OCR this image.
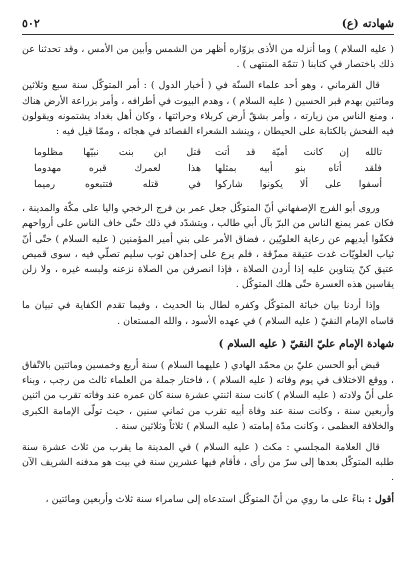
شهادته (ع)
٥٠٢

( عليه السلام ) وما أنزله من الأذى بزوّاره أظهر من الشمس وأبين من الأمس ، وقد تحدثنا عن ذلك باختصار في كتابنا ( تتمّة المنتهى ) .

قال القرماني ، وهو أحد علماء السنّة في ( أخبار الدول ) : أمر المتوكّل سنة سبع وثلاثين ومائتين بهدم قبر الحسين ( عليه السلام ) ، وهدم البيوت في أطرافه ، وأمر بزراعة الأرض هناك ، ومنع الناس من زيارته ، وأمر بشقّ أرض كربلاء وحراثتها ، وكان أهل بغداد يشتمونه ويقولون فيه الفحش بالكتابة على الحيطان ، وينشد الشعراء القصائد في هجائه ، وممّا قيل فيه :

تالله إن كانت أميّة قد أتت
قتل ابن بنت نبيّها مظلوما
فلقد أتاه بنو أبيه بمثلها
هذا لعمرك قبره مهدوما
أسفوا على ألا يكونوا شاركوا
في قتله فتتبعوه رميما

وروى أبو الفرج الإصفهاني أنّ المتوكّل جعل عمر بن فرج الرخجي واليا على مكّة والمدينة ، فكان عمر يمنع الناس من البرّ بآل أبي طالب ، ويتشدّد في ذلك حتّى خاف الناس على أرواحهم فكفّوا أيديهم عن رعاية العلويّين ، فضاق الأمر على بني أمير المؤمنين ( عليه السلام ) حتّى أنّ ثياب العلويّات غدت عتيقة ممزّقة ، فلم يرع على إحداهن ثوب سليم تصلّي فيه ، سوى قميص عتيق كنّ يتناوبن عليه إذا أردن الصلاة ، فإذا انصرفن من الصلاة نزعنه ولبسه غيره ، ولا زلن يقاسين هذه العسرة حتّى هلك المتوكّل .

وإذا أردنا بيان خباثة المتوكّل وكفره لطال بنا الحديث ، وفيما تقدم الكفاية في تبيان ما قاساه الإمام النقيّ ( عليه السلام ) في عهده الأسود ، والله المستعان .

شهادة الإمام عليّ النقيّ ( عليه السلام )

قبض أبو الحسن عليّ بن محمّد الهادي ( عليهما السلام ) سنة أربع وخمسين ومائتين بالاتّفاق ، ووقع الاختلاف في يوم وفاته ( عليه السلام ) ، فاختار جملة من العلماء ثالث من رجب ، وبناء على أنّ ولادته ( عليه السلام ) كانت سنة اثنتي عشرة سنة كان عمره عند وفاته تقرب من اثنين وأربعين سنة ، وكانت سنة عند وفاة أبيه تقرب من ثماني سنين ، حيث تولّى الإمامة الكبرى والخلافة العظمى ، وكانت مدّة إمامته ( عليه السلام ) ثلاثاً وثلاثين سنة .

قال العلامة المجلسي : مكث ( عليه السلام ) في المدينة ما يقرب من ثلاث عشرة سنة طلبه المتوكّل بعدها إلى سرّ من رأى ، فأقام فيها عشرين سنة في بيت هو مدفنه الشريف الآن .

أقول : بناءً على ما روي من أنّ المتوكّل استدعاه إلى سامراء سنة ثلاث وأربعين ومائتين ،
